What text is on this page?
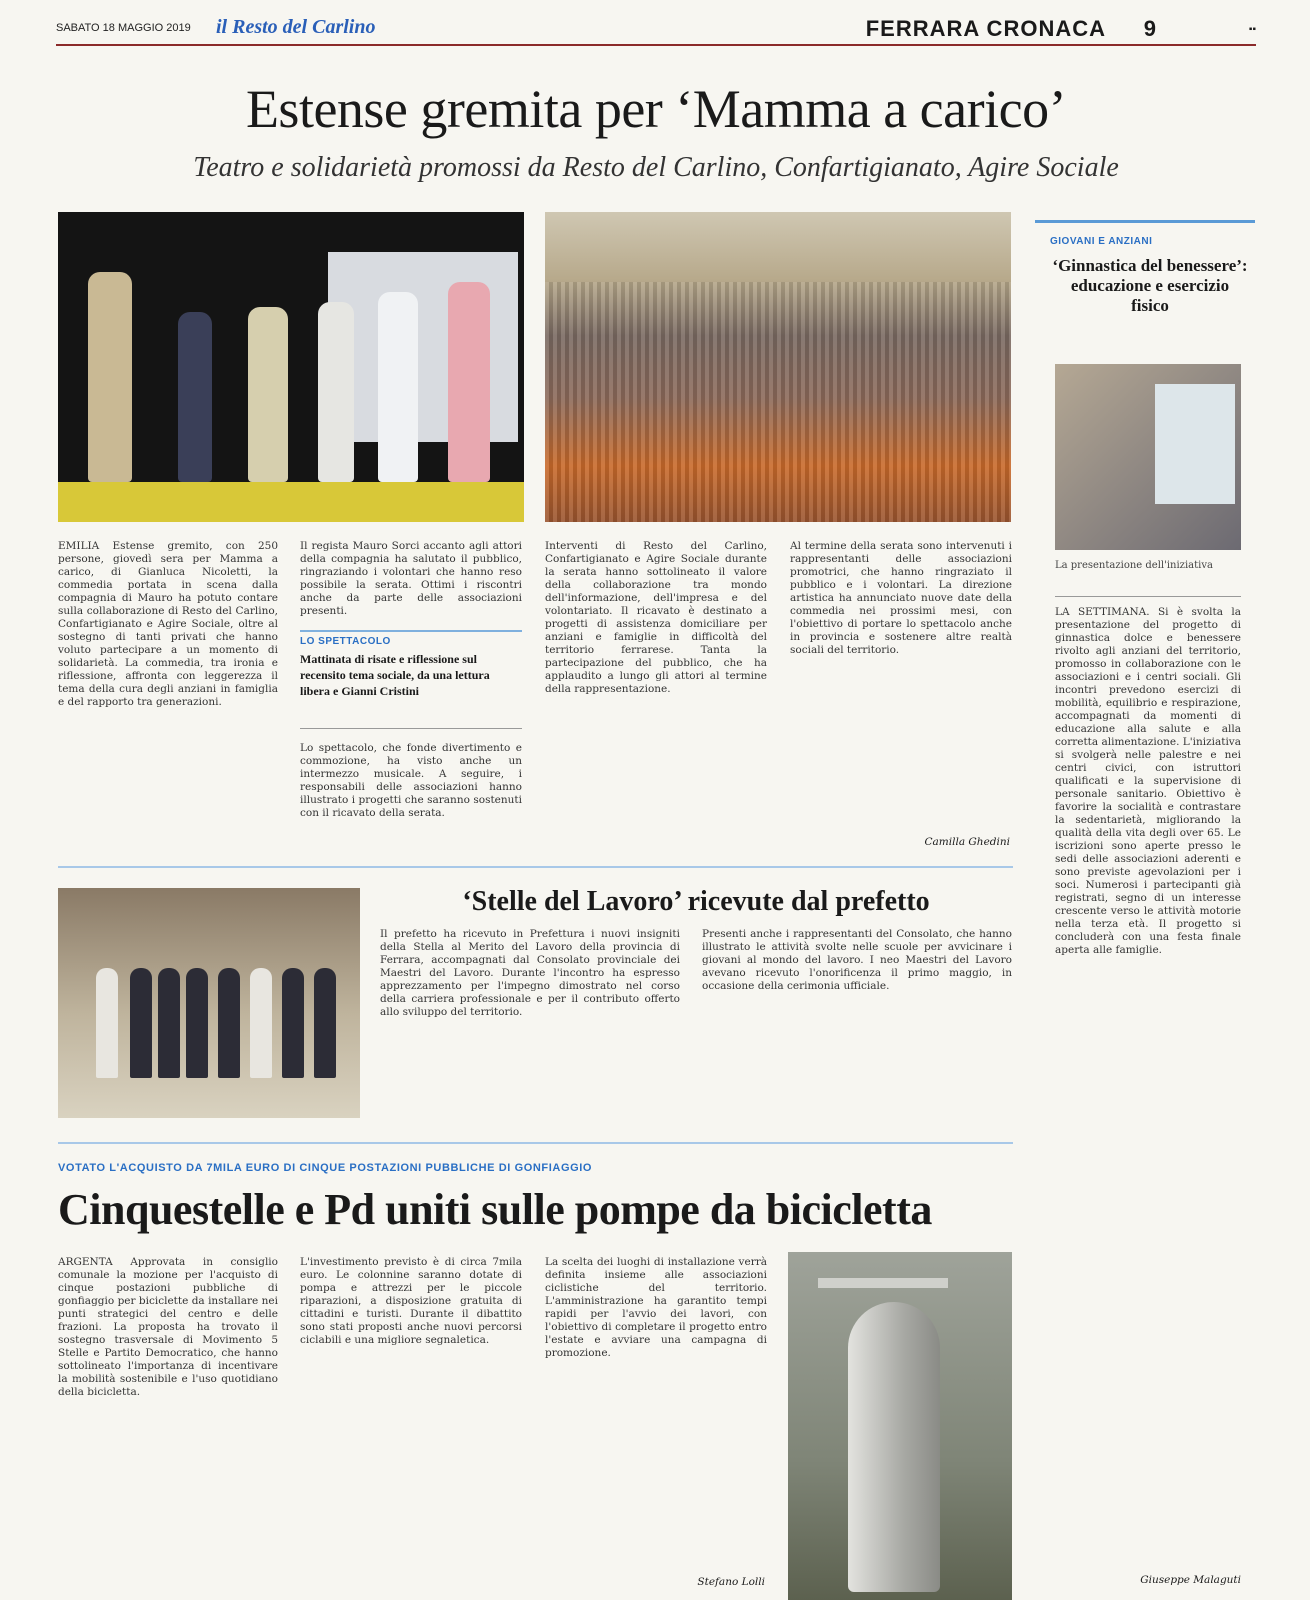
SABATO 18 MAGGIO 2019 il Resto del Carlino	FERRARA CRONACA 9	▪▪
Estense gremita per ‘Mamma a carico’
Teatro e solidarietà promossi da Resto del Carlino, Confartigianato, Agire Sociale
EMILIA Estense gremito, con 250 persone, giovedì sera per Mamma a carico, di Gianluca Nicoletti, la commedia portata in scena dalla compagnia di Mauro ha potuto contare sulla collaborazione di Resto del Carlino, Confartigianato e Agire Sociale, oltre al sostegno di tanti privati che hanno voluto partecipare a un momento di solidarietà. La commedia, tra ironia e riflessione, affronta con leggerezza il tema della cura degli anziani in famiglia e del rapporto tra generazioni.
Il regista Mauro Sorci accanto agli attori della compagnia ha salutato il pubblico, ringraziando i volontari che hanno reso possibile la serata. Ottimi i riscontri anche da parte delle associazioni presenti.
LO SPETTACOLO
Mattinata di risate e riflessione sul recensito tema sociale, da una lettura libera e Gianni Cristini
Lo spettacolo, che fonde divertimento e commozione, ha visto anche un intermezzo musicale. A seguire, i responsabili delle associazioni hanno illustrato i progetti che saranno sostenuti con il ricavato della serata.
Interventi di Resto del Carlino, Confartigianato e Agire Sociale durante la serata hanno sottolineato il valore della collaborazione tra mondo dell'informazione, dell'impresa e del volontariato. Il ricavato è destinato a progetti di assistenza domiciliare per anziani e famiglie in difficoltà del territorio ferrarese. Tanta la partecipazione del pubblico, che ha applaudito a lungo gli attori al termine della rappresentazione.
Al termine della serata sono intervenuti i rappresentanti delle associazioni promotrici, che hanno ringraziato il pubblico e i volontari. La direzione artistica ha annunciato nuove date della commedia nei prossimi mesi, con l'obiettivo di portare lo spettacolo anche in provincia e sostenere altre realtà sociali del territorio.
Camilla Ghedini
GIOVANI E ANZIANI
‘Ginnastica del benessere’: educazione e esercizio fisico
La presentazione dell'iniziativa
LA SETTIMANA. Si è svolta la presentazione del progetto di ginnastica dolce e benessere rivolto agli anziani del territorio, promosso in collaborazione con le associazioni e i centri sociali. Gli incontri prevedono esercizi di mobilità, equilibrio e respirazione, accompagnati da momenti di educazione alla salute e alla corretta alimentazione. L'iniziativa si svolgerà nelle palestre e nei centri civici, con istruttori qualificati e la supervisione di personale sanitario. Obiettivo è favorire la socialità e contrastare la sedentarietà, migliorando la qualità della vita degli over 65. Le iscrizioni sono aperte presso le sedi delle associazioni aderenti e sono previste agevolazioni per i soci. Numerosi i partecipanti già registrati, segno di un interesse crescente verso le attività motorie nella terza età. Il progetto si concluderà con una festa finale aperta alle famiglie.
Giuseppe Malaguti
‘Stelle del Lavoro’ ricevute dal prefetto
Il prefetto ha ricevuto in Prefettura i nuovi insigniti della Stella al Merito del Lavoro della provincia di Ferrara, accompagnati dal Consolato provinciale dei Maestri del Lavoro. Durante l'incontro ha espresso apprezzamento per l'impegno dimostrato nel corso della carriera professionale e per il contributo offerto allo sviluppo del territorio.
Presenti anche i rappresentanti del Consolato, che hanno illustrato le attività svolte nelle scuole per avvicinare i giovani al mondo del lavoro. I neo Maestri del Lavoro avevano ricevuto l'onorificenza il primo maggio, in occasione della cerimonia ufficiale.
VOTATO L'ACQUISTO DA 7MILA EURO DI CINQUE POSTAZIONI PUBBLICHE DI GONFIAGGIO
Cinquestelle e Pd uniti sulle pompe da bicicletta
ARGENTA Approvata in consiglio comunale la mozione per l'acquisto di cinque postazioni pubbliche di gonfiaggio per biciclette da installare nei punti strategici del centro e delle frazioni. La proposta ha trovato il sostegno trasversale di Movimento 5 Stelle e Partito Democratico, che hanno sottolineato l'importanza di incentivare la mobilità sostenibile e l'uso quotidiano della bicicletta.
L'investimento previsto è di circa 7mila euro. Le colonnine saranno dotate di pompa e attrezzi per le piccole riparazioni, a disposizione gratuita di cittadini e turisti. Durante il dibattito sono stati proposti anche nuovi percorsi ciclabili e una migliore segnaletica.
La scelta dei luoghi di installazione verrà definita insieme alle associazioni ciclistiche del territorio. L'amministrazione ha garantito tempi rapidi per l'avvio dei lavori, con l'obiettivo di completare il progetto entro l'estate e avviare una campagna di promozione.
Stefano Lolli
